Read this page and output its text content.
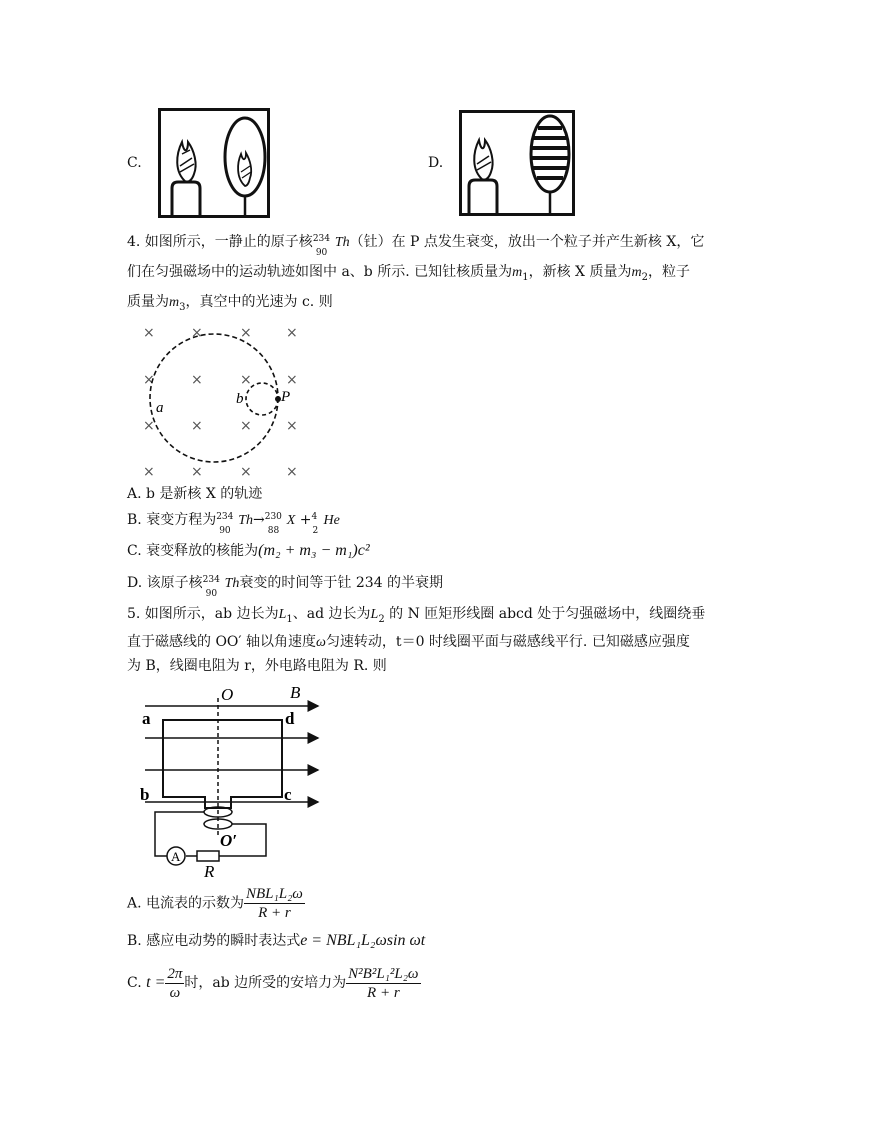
C.	D.
4. 如图所示，一静止的原子核 234
90
Th（钍）在 P 点发生衰变，放出一个粒子并产生新核 X，它
们在匀强磁场中的运动轨迹如图中 a、b 所示. 已知钍核质量为$m_1$，新核 X 质量为$m_2$，粒子
质量为$m_3$，真空中的光速为 c. 则
×	×	× ×
×	×	× ×
×	×	× ×
×	×	× ×
a
b	P
A. b 是新核 X 的轨迹
B. 衰变方程为 234
90
Th→ 230
88
X + 4
2
He
C. 衰变释放的核能为(m₂ + m₃ − m₁)c²
D. 该原子核 234
90
Th衰变的时间等于钍 234 的半衰期
5. 如图所示，ab 边长为$L_1$、ad 边长为$L_2$ 的 N 匝矩形线圈 abcd 处于匀强磁场中，线圈绕垂
直于磁感线的 OO′ 轴以角速度ω匀速转动，t＝0 时线圈平面与磁感线平行. 已知磁感应强度
为 B，线圈电阻为 r，外电路电阻为 R. 则
A
O	B
a	d
b	c
O′
R
A. 电流表的示数为 $\frac{\text{NBL₁L₂ω}}{R + r}$
B. 感应电动势的瞬时表达式e = NBL₁L₂ωsin ωt
C. $t = \frac{2\pi}{\omega}$ 时，ab 边所受的安培力为 $\frac{\text{N²B²L₁²L₂ω}}{R + r}$
